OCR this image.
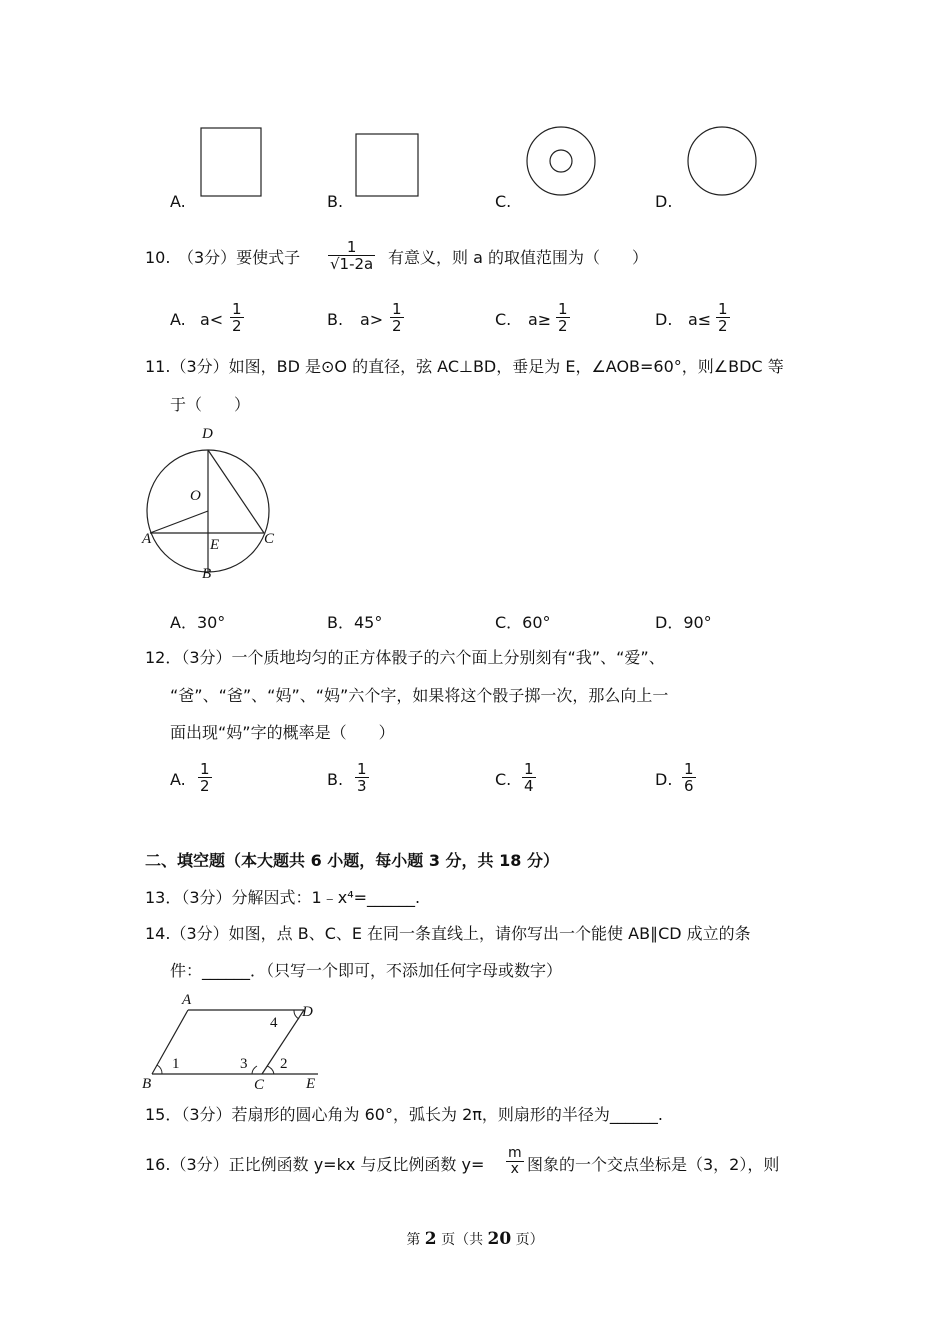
A.	B.	C.	D.
10. （3分）要使式子 $\frac{1}{√1-2a}$ 有意义，则 a 的取值范围为（　　）
A. $a< \frac{1}{2}$	B. $a> \frac{1}{2}$	C. $a\ge \frac{1}{2}$	D. $a\le \frac{1}{2}$
11.（3分）如图，BD 是⊙O 的直径，弦 AC⊥BD，垂足为 E，∠AOB=60°，则∠BDC 等
于（　　）
D
O
A	E	C
B
A．30°	B．45°	C．60°	D．90°
12．（3分）一个质地均匀的正方体骰子的六个面上分别刻有“我”、“爱”、
“爸”、“爸”、“妈”、“妈”六个字，如果将这个骰子掷一次，那么向上一
面出现“妈”字的概率是（　　）
A. $\frac{1}{2}$	B. $\frac{1}{3}$	C. $\frac{1}{4}$	D. $\frac{1}{6}$
二、填空题（本大题共 6 小题，每小题 3 分，共 18 分）
13．（3分）分解因式：1﹣x⁴=______.
14.（3分）如图，点 B、C、E 在同一条直线上，请你写出一个能使 AB∥CD 成立的条
件：______．（只写一个即可，不添加任何字母或数字）
A
D
B	C	E
1	2
3
4
15．（3分）若扇形的圆心角为 60°，弧长为 2π，则扇形的半径为______.
16.（3分）正比例函数 y=kx 与反比例函数 $y= \frac{m}{x}$ 图象的一个交点坐标是（3，2），则
第 2 页（共 20 页）
